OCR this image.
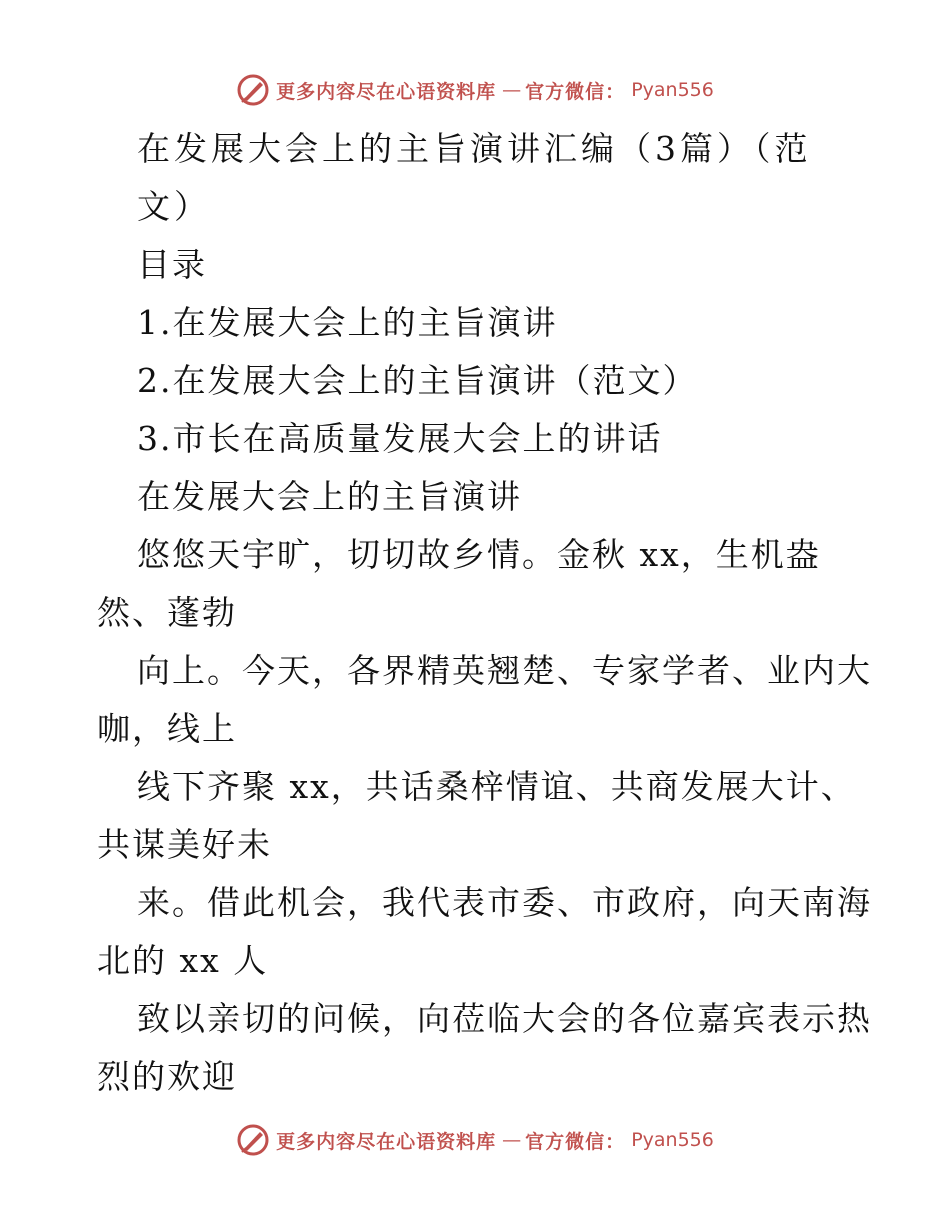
更多内容尽在心语资料库 — 官方微信： Pyan556
在发展大会上的主旨演讲汇编（3篇）（范
文）
目录
1.在发展大会上的主旨演讲
2.在发展大会上的主旨演讲（范文）
3.市长在高质量发展大会上的讲话
在发展大会上的主旨演讲
悠悠天宇旷，切切故乡情。金秋 xx，生机盎
然、蓬勃
向上。今天，各界精英翘楚、专家学者、业内大
咖，线上
线下齐聚 xx，共话桑梓情谊、共商发展大计、
共谋美好未
来。借此机会，我代表市委、市政府，向天南海
北的 xx 人
致以亲切的问候，向莅临大会的各位嘉宾表示热
烈的欢迎
更多内容尽在心语资料库 — 官方微信： Pyan556
